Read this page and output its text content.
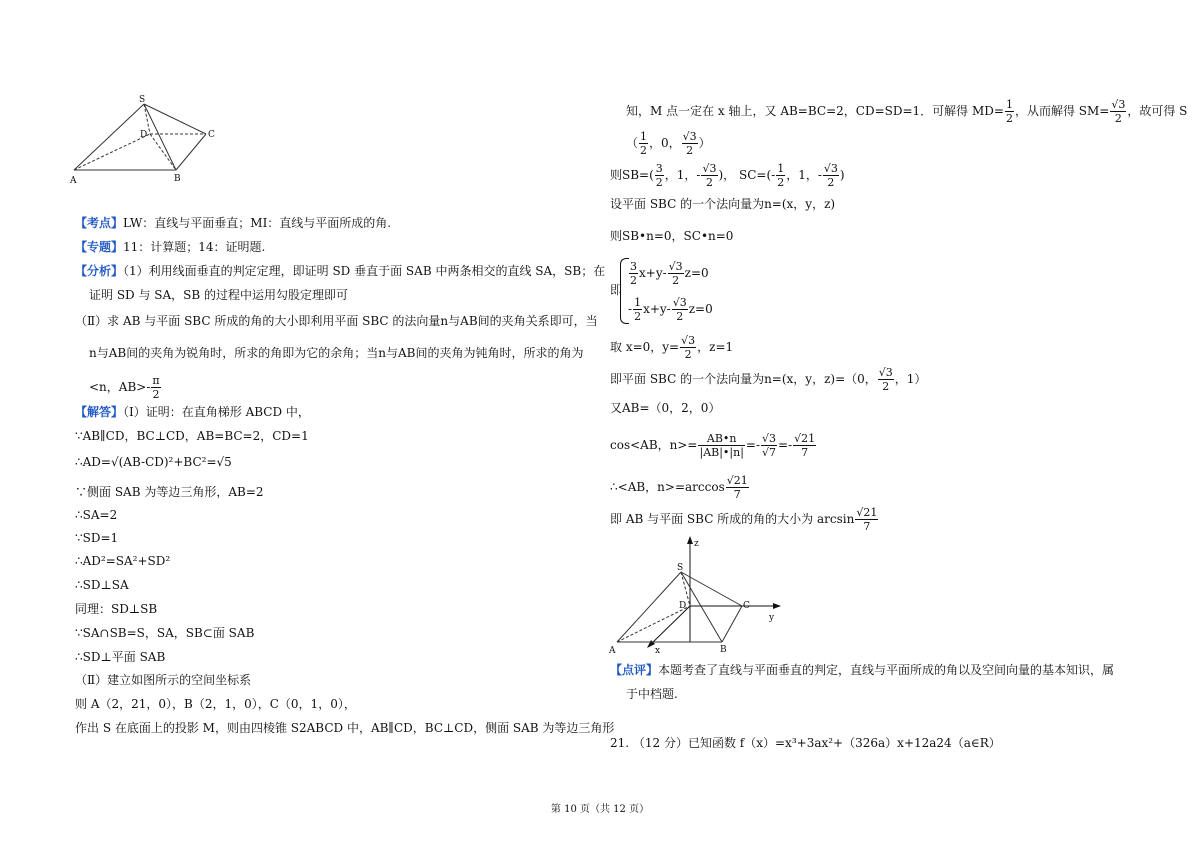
S
D	C
A	B
【考点】LW：直线与平面垂直；MI：直线与平面所成的角.
【专题】11：计算题；14：证明题.
【分析】（1）利用线面垂直的判定定理，即证明 SD 垂直于面 SAB 中两条相交的直线 SA，SB；在
证明 SD 与 SA，SB 的过程中运用勾股定理即可
（Ⅱ）求 AB 与平面 SBC 所成的角的大小即利用平面 SBC 的法向量n与AB间的夹角关系即可，当
n与AB间的夹角为锐角时，所求的角即为它的余角；当n与AB间的夹角为钝角时，所求的角为
<n，$AB>- \frac{\pi}{2}$
【解答】（Ⅰ）证明：在直角梯形 ABCD 中，
∵AB∥CD，BC⊥CD，AB=BC=2，CD=1
∴AD=√(AB-CD)²+BC²=√5
∵侧面 SAB 为等边三角形，AB=2
∴SA=2
∵SD=1
∴AD²=SA²+SD²
∴SD⊥SA
同理：SD⊥SB
∵SA∩SB=S，SA，SB⊂面 SAB
∴SD⊥平面 SAB
（Ⅱ）建立如图所示的空间坐标系
则 A（2，2﻿1，0），B（2，1，0），C（0，1，0），
作出 S 在底面上的投影 M，则由四棱锥 S﻿2ABCD 中，AB∥CD，BC⊥CD，侧面 SAB 为等边三角形
知，M 点一定在 x 轴上，又 AB=BC=2，CD=SD=1．可解得 $MD= \frac{1}{2}$ ，从而解得 $SM= \frac{√3}{2}$ ，故可得 S
（ $\frac{1}{2}$ ，0， $\frac{√3}{2}$ ）
则$SB=( \frac{3}{2}$ ，1，- $\frac{√3}{2}$ )， $SC=(- \frac{1}{2}$ ，1，- $\frac{√3}{2}$ )
设平面 SBC 的一个法向量为n=(x，y，z)
则SB•n=0，SC•n=0
即
$\frac{3}{2} x+y- \frac{√3}{2} z=0$
- $\frac{1}{2} x+y- \frac{√3}{2} z=0$
取 x=0，$y= \frac{√3}{2}$ ，z=1
即平面 SBC 的一个法向量为n=(x，y，z)=（0， $\frac{√3}{2}$ ，1）
又AB=（0，2，0）
cos<AB，$n>= \frac{AB•n}{|AB|•|n|} =- \frac{√3}{√7} =- \frac{√21}{7}$
∴<AB，$n>=\arccos \frac{√21}{7}$
即 AB 与平面 SBC 所成的角的大小为 $\arcsin \frac{√21}{7}$
z
S
D	C
y
A	x	B
【点评】本题考查了直线与平面垂直的判定，直线与平面所成的角以及空间向量的基本知识，属
于中档题.
21. （12 分）已知函数 f（x）=x³+3ax²+（3﻿26a）x+12a﻿24（a∈R）
第 10 页（共 12 页）
